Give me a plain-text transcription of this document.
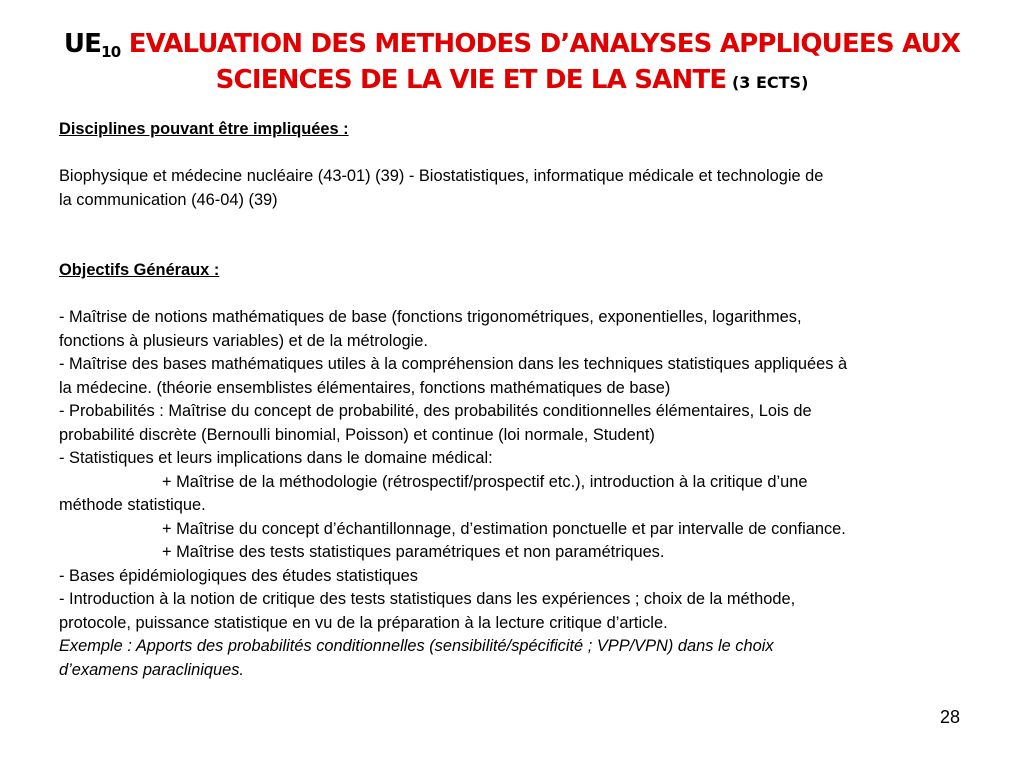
$UE_{10}$ EVALUATION DES METHODES D’ANALYSES APPLIQUEES AUX
SCIENCES DE LA VIE ET DE LA SANTE (3 ECTS)
Disciplines pouvant être impliquées :
Biophysique et médecine nucléaire (43-01) (39) - Biostatistiques, informatique médicale et technologie de
la communication (46-04) (39)
Objectifs Généraux :
- Maîtrise de notions mathématiques de base (fonctions trigonométriques, exponentielles, logarithmes,
fonctions à plusieurs variables) et de la métrologie.
- Maîtrise des bases mathématiques utiles à la compréhension dans les techniques statistiques appliquées à
la médecine. (théorie ensemblistes élémentaires, fonctions mathématiques de base)
- Probabilités : Maîtrise du concept de probabilité, des probabilités conditionnelles élémentaires, Lois de
probabilité discrète (Bernoulli binomial, Poisson) et continue (loi normale, Student)
- Statistiques et leurs implications dans le domaine médical:
+ Maîtrise de la méthodologie (rétrospectif/prospectif etc.), introduction à la critique d’une
méthode statistique.
+ Maîtrise du concept d’échantillonnage, d’estimation ponctuelle et par intervalle de confiance.
+ Maîtrise des tests statistiques paramétriques et non paramétriques.
- Bases épidémiologiques des études statistiques
- Introduction à la notion de critique des tests statistiques dans les expériences ; choix de la méthode,
protocole, puissance statistique en vu de la préparation à la lecture critique d’article.
Exemple : Apports des probabilités conditionnelles (sensibilité/spécificité ; VPP/VPN) dans le choix
d’examens paracliniques.
28
